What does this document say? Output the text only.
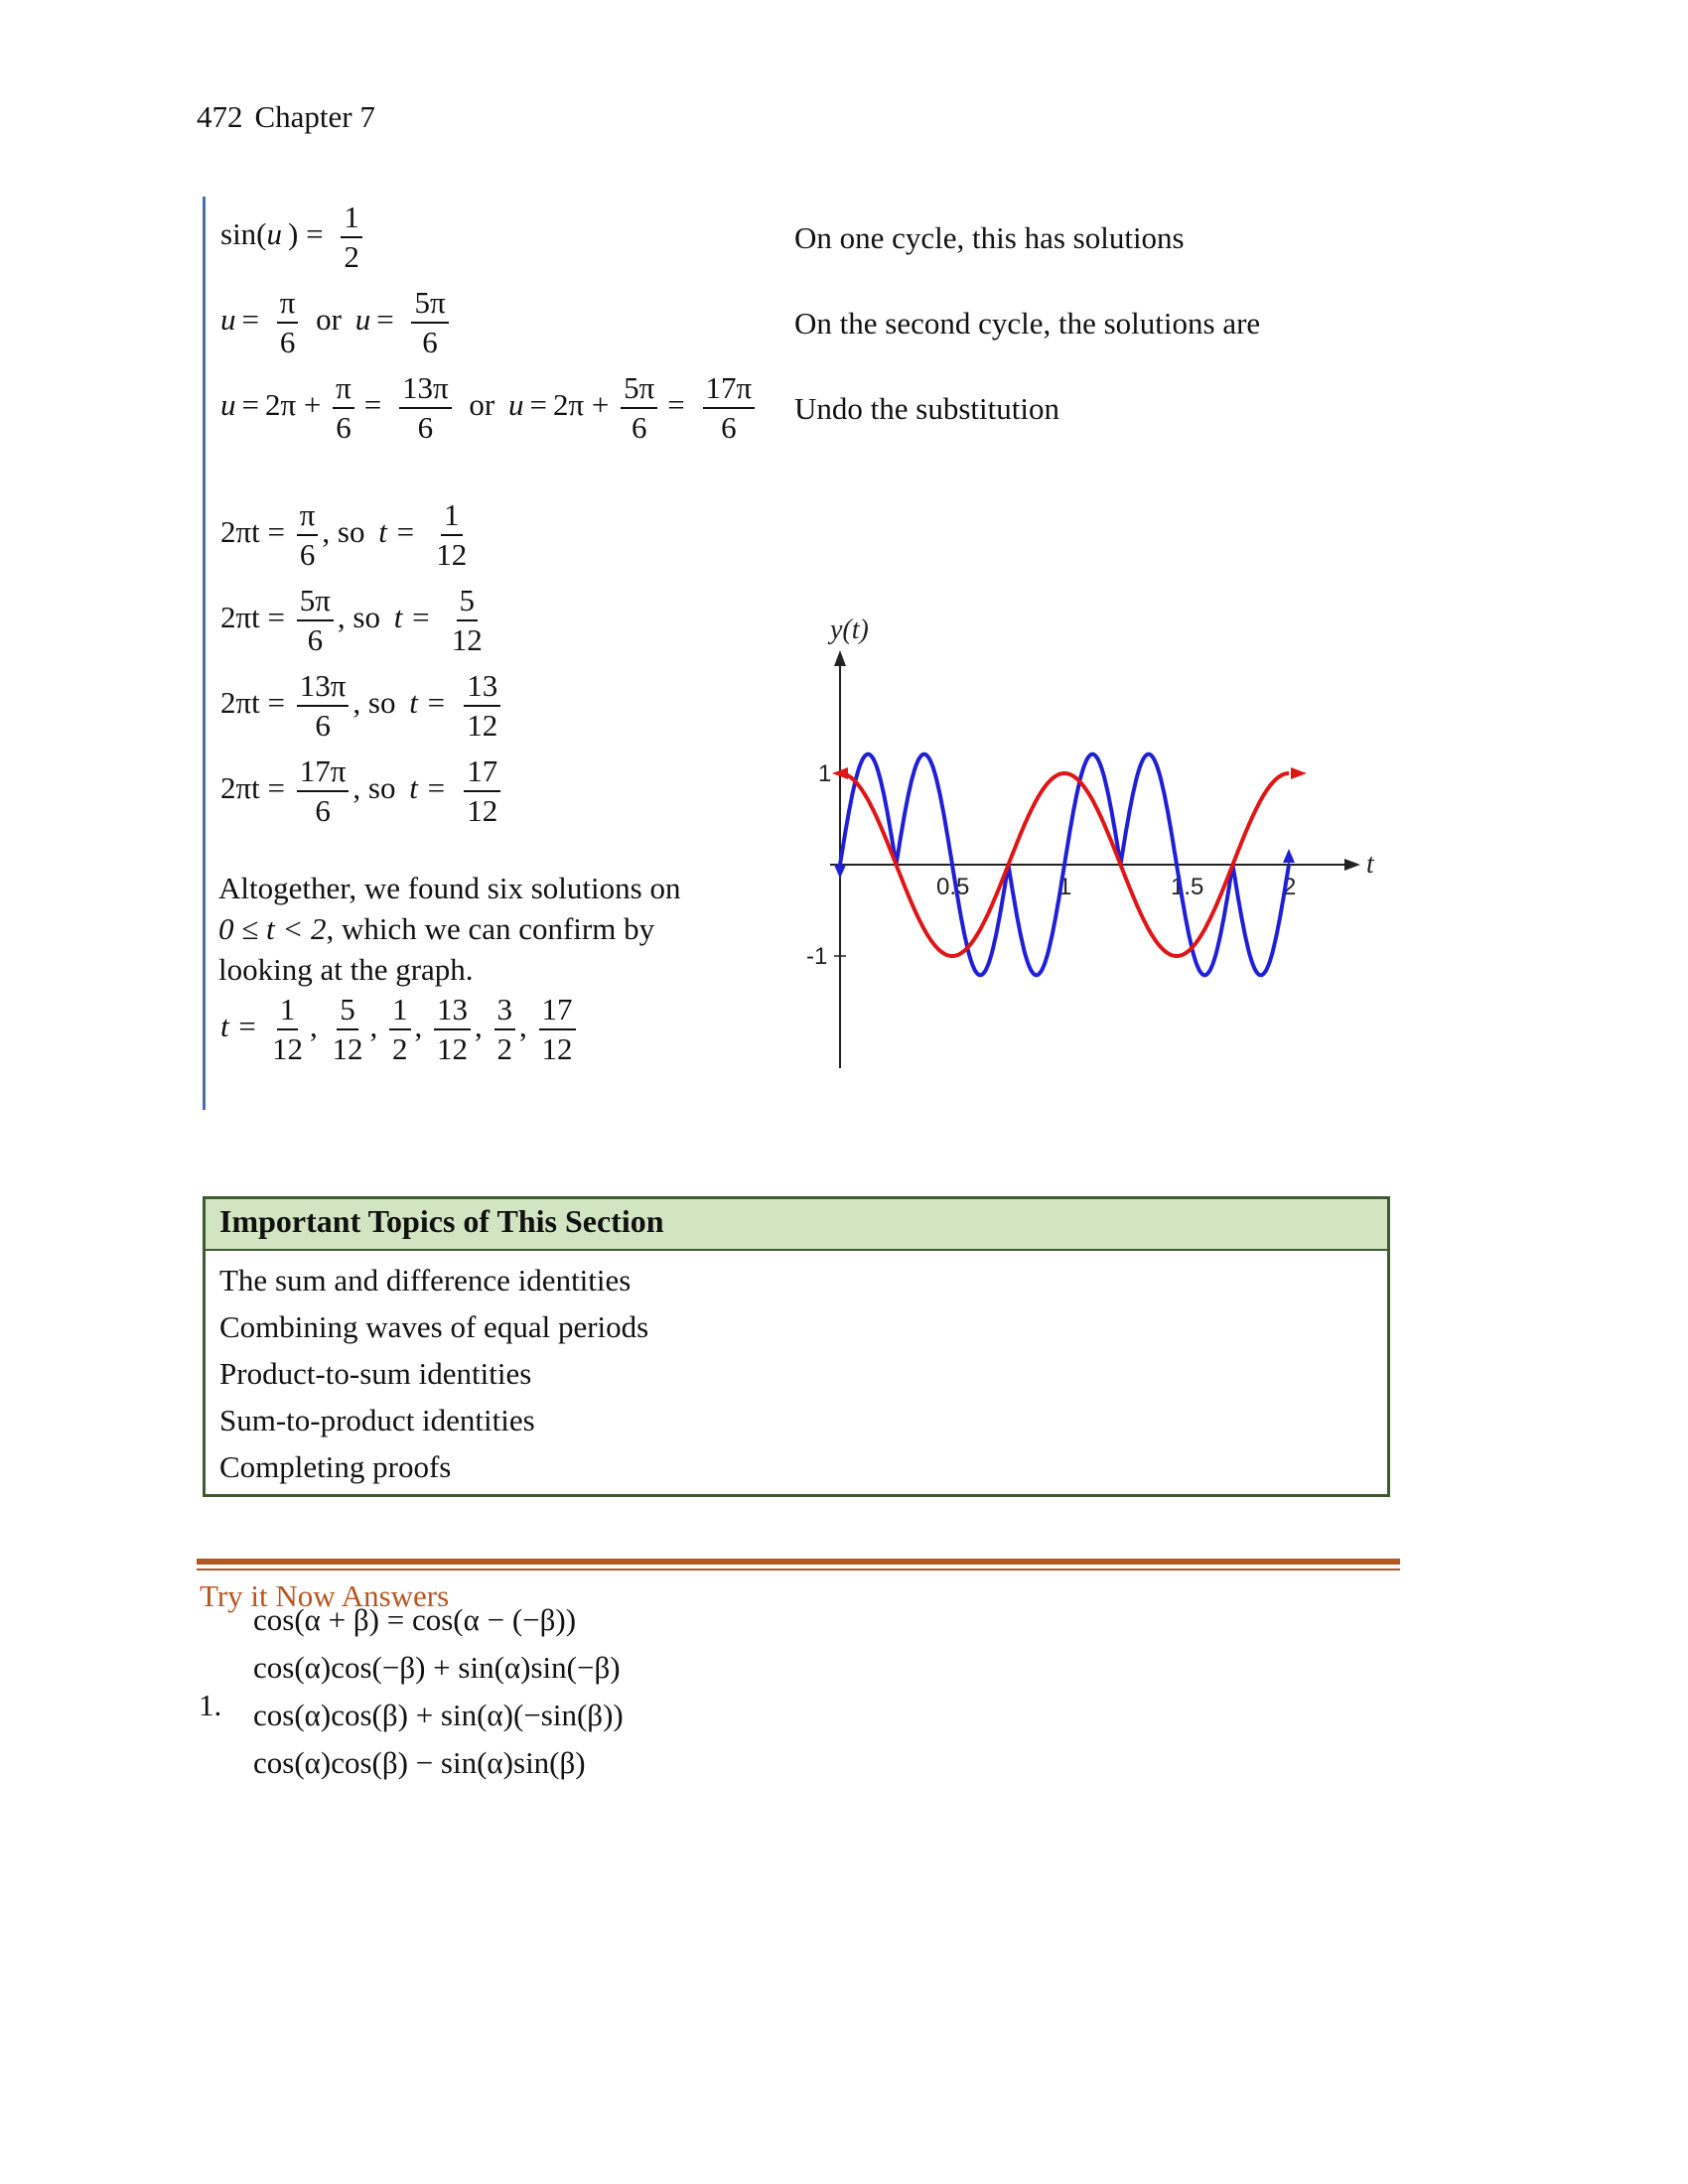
472 Chapter 7
sin(u ) = $\frac{1}{2}$	On one cycle, this has solutions
$u = \frac{\pi}{6}$ or $u = \frac{5\pi}{6}$	On the second cycle, the solutions are
$u = 2\pi + \frac{\pi}{6} = \frac{13\pi}{6}$ or $u = 2\pi + \frac{5\pi}{6} = \frac{17\pi}{6}$ Undo the substitution
$2\pi t = \frac{\pi}{6}$ , so $t = \frac{1}{12}$
$2\pi t = \frac{5\pi}{6}$ , so $t = \frac{5}{12}$
$2\pi t = \frac{13\pi}{6}$ , so $t = \frac{13}{12}$
$2\pi t = \frac{17\pi}{6}$ , so $t = \frac{17}{12}$
Altogether, we found six solutions on
0 ≤ t < 2, which we can confirm by
looking at the graph.
$t = \frac{1}{12}$ , $\frac{5}{12}$ , $\frac{1}{2}$ , $\frac{13}{12}$ , $\frac{3}{2}$ , $\frac{17}{12}$
y(t)
t
0.5	1	1.5	2
1
-1
Important Topics of This Section
The sum and difference identities
Combining waves of equal periods
Product-to-sum identities
Sum-to-product identities
Completing proofs
Try it Now Answers
1.
cos(α + β) = cos(α − (−β))
cos(α)cos(−β) + sin(α)sin(−β)
cos(α)cos(β) + sin(α)(−sin(β))
cos(α)cos(β) − sin(α)sin(β)
